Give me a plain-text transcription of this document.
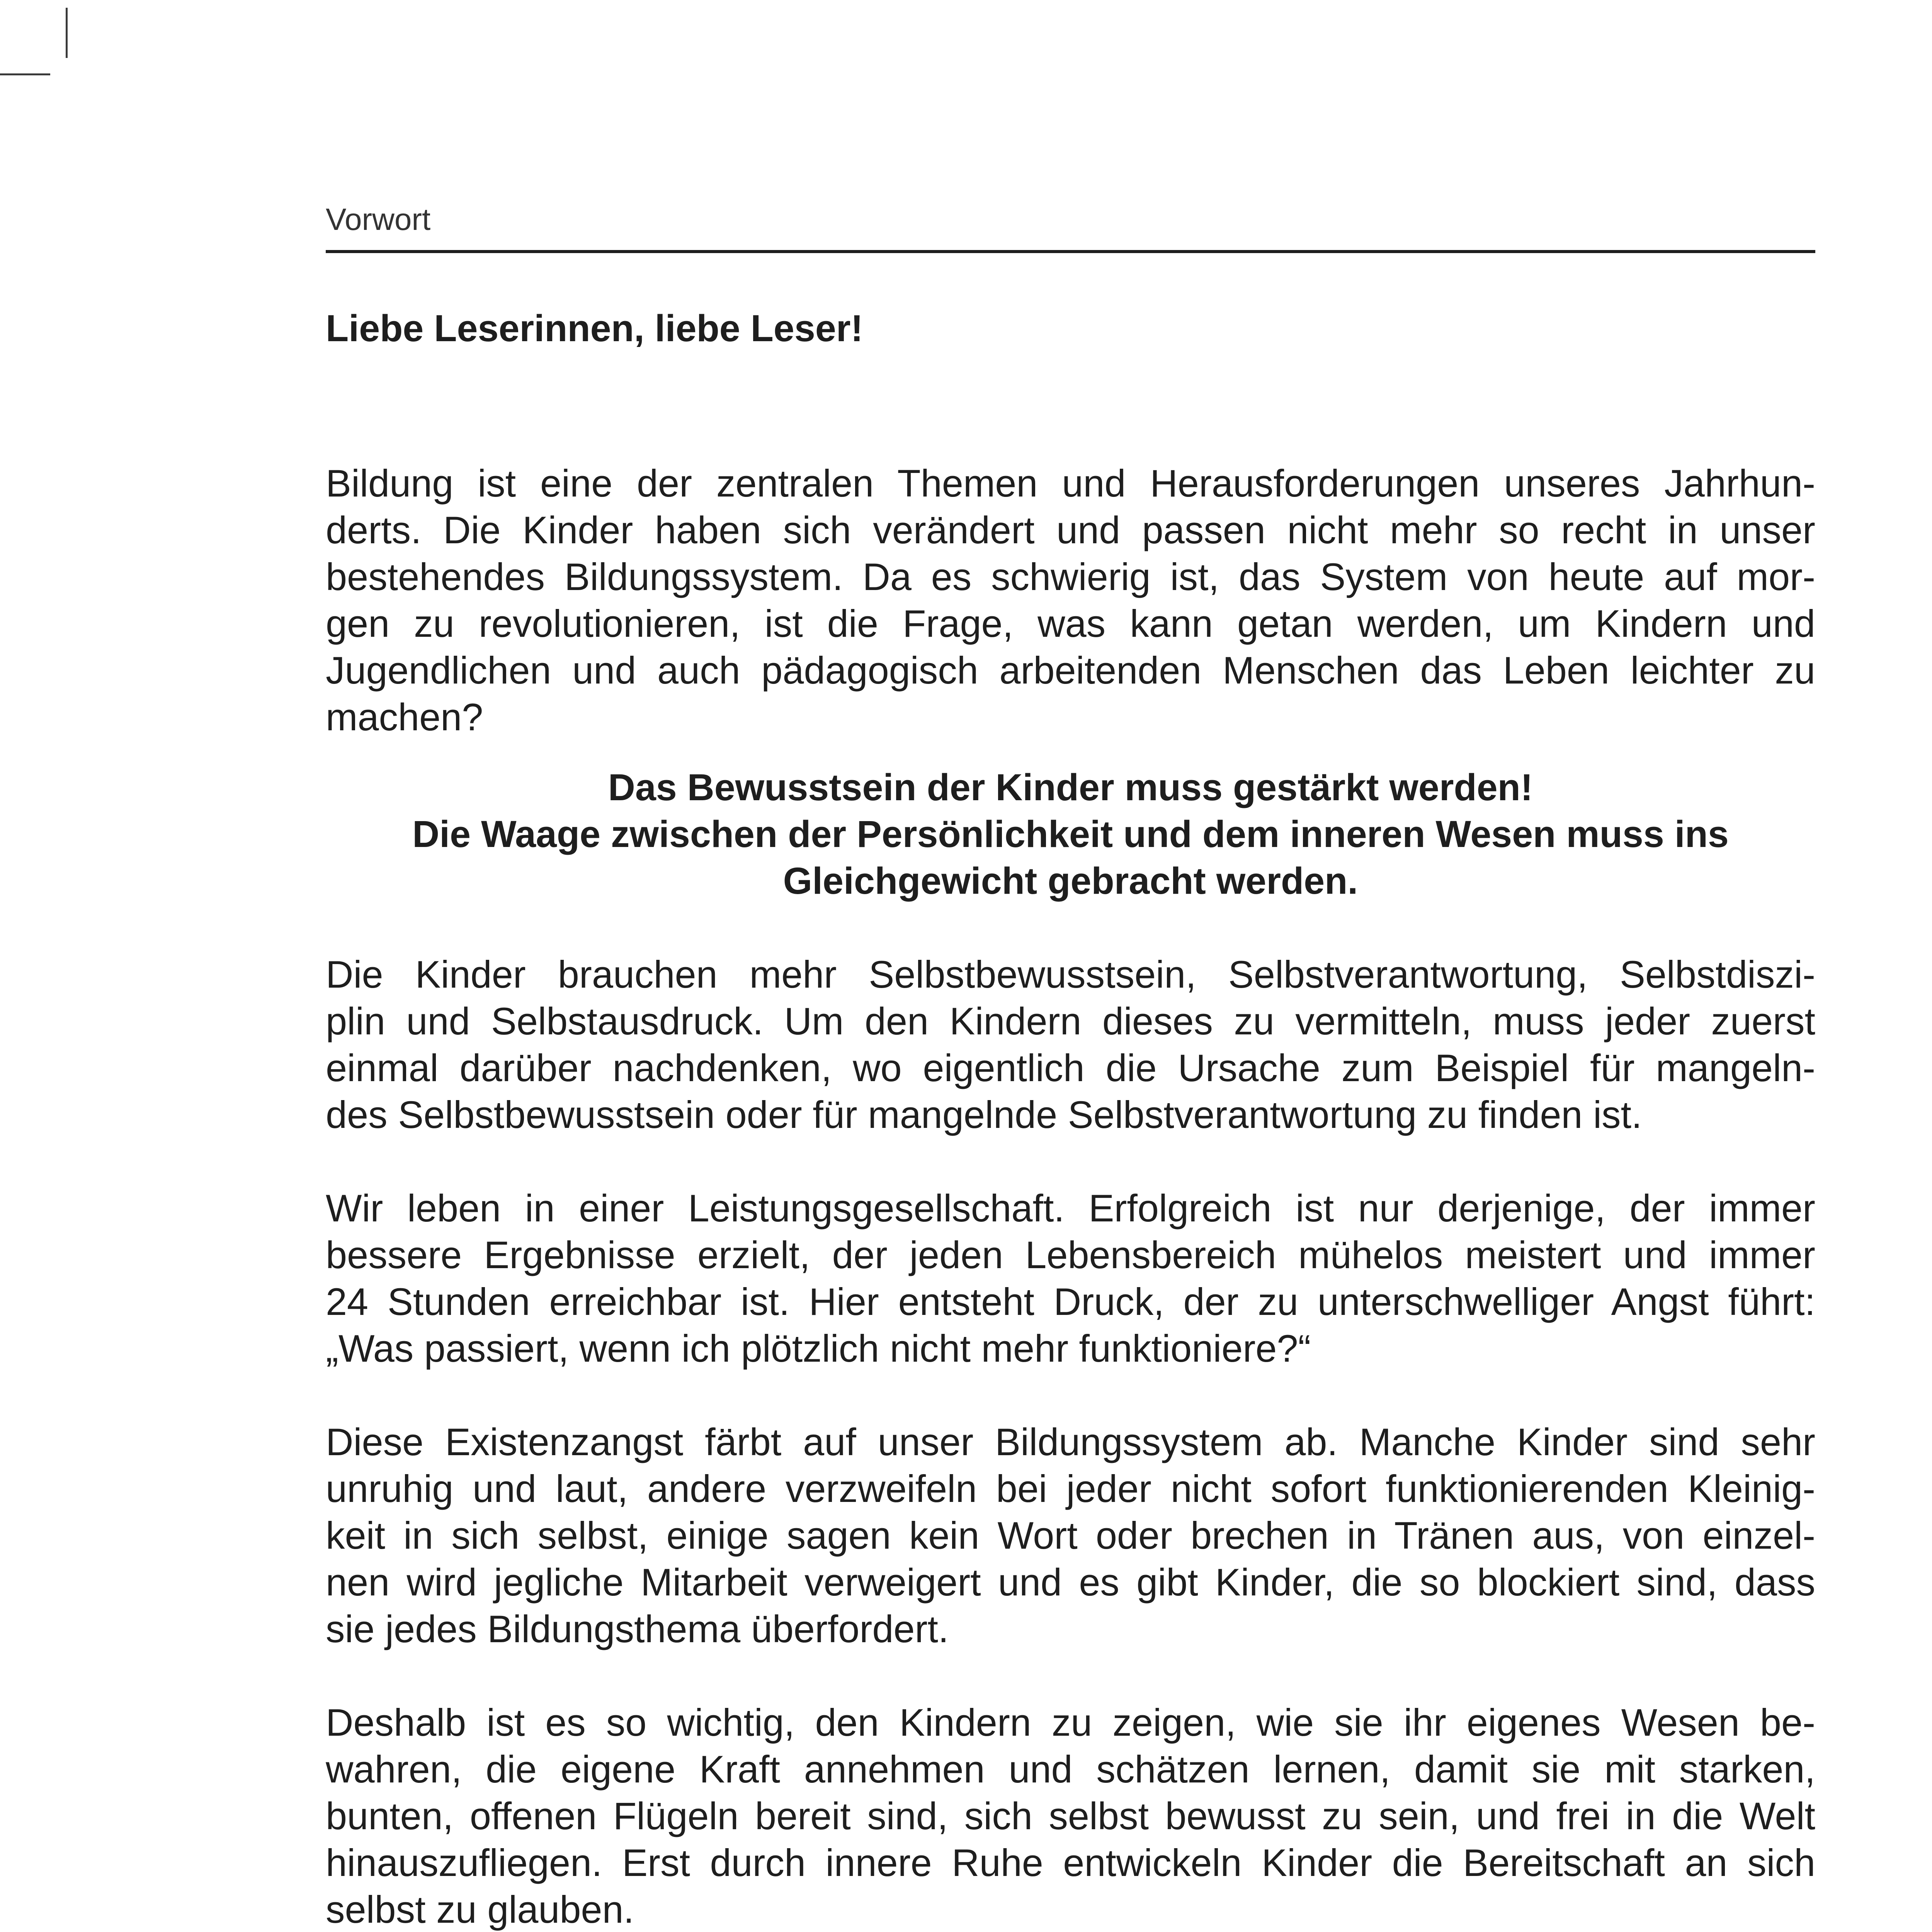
Vorwort
Liebe Leserinnen, liebe Leser!
Bildung ist eine der zentralen Themen und Herausforderungen unseres Jahrhun-
derts. Die Kinder haben sich verändert und passen nicht mehr so recht in unser
bestehendes Bildungssystem. Da es schwierig ist, das System von heute auf mor-
gen zu revolutionieren, ist die Frage, was kann getan werden, um Kindern und
Jugendlichen und auch pädagogisch arbeitenden Menschen das Leben leichter zu
machen?
Das Bewusstsein der Kinder muss gestärkt werden!
Die Waage zwischen der Persönlichkeit und dem inneren Wesen muss ins
Gleichgewicht gebracht werden.
Die Kinder brauchen mehr Selbstbewusstsein, Selbstverantwortung, Selbstdiszi-
plin und Selbstausdruck. Um den Kindern dieses zu vermitteln, muss jeder zuerst
einmal darüber nachdenken, wo eigentlich die Ursache zum Beispiel für mangeln-
des Selbstbewusstsein oder für mangelnde Selbstverantwortung zu finden ist.
Wir leben in einer Leistungsgesellschaft. Erfolgreich ist nur derjenige, der immer
bessere Ergebnisse erzielt, der jeden Lebensbereich mühelos meistert und immer
24 Stunden erreichbar ist. Hier entsteht Druck, der zu unterschwelliger Angst führt:
„Was passiert, wenn ich plötzlich nicht mehr funktioniere?“
Diese Existenzangst färbt auf unser Bildungssystem ab. Manche Kinder sind sehr
unruhig und laut, andere verzweifeln bei jeder nicht sofort funktionierenden Kleinig-
keit in sich selbst, einige sagen kein Wort oder brechen in Tränen aus, von einzel-
nen wird jegliche Mitarbeit verweigert und es gibt Kinder, die so blockiert sind, dass
sie jedes Bildungsthema überfordert.
Deshalb ist es so wichtig, den Kindern zu zeigen, wie sie ihr eigenes Wesen be-
wahren, die eigene Kraft annehmen und schätzen lernen, damit sie mit starken,
bunten, offenen Flügeln bereit sind, sich selbst bewusst zu sein, und frei in die Welt
hinauszufliegen. Erst durch innere Ruhe entwickeln Kinder die Bereitschaft an sich
selbst zu glauben.
